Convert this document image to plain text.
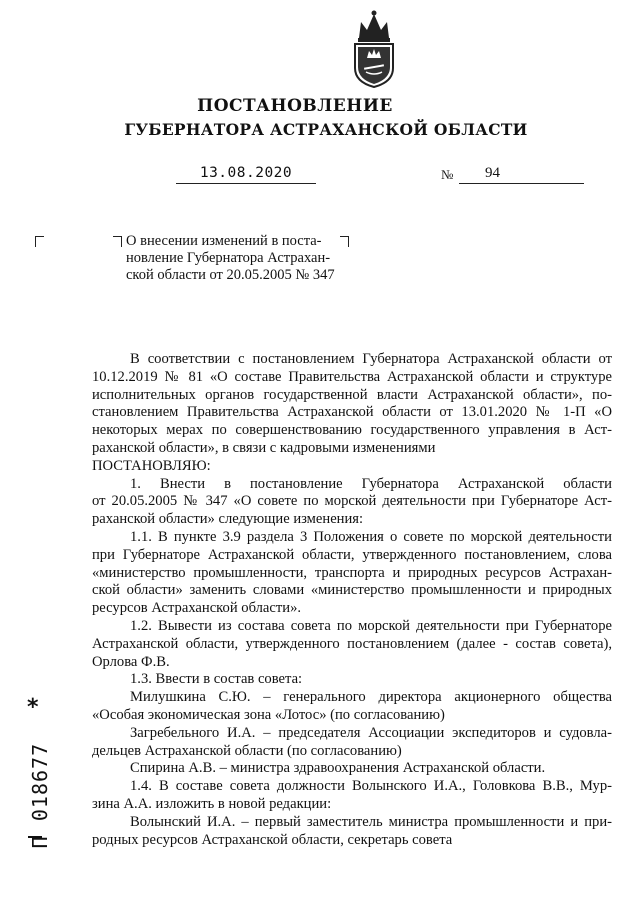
ПОСТАНОВЛЕНИЕ
ГУБЕРНАТОРА АСТРАХАНСКОЙ ОБЛАСТИ
13.08.2020	№ 94
О внесении изменений в поста-
новление Губернатора Астрахан-
ской области от 20.05.2005 № 347
В соответствии с постановлением Губернатора Астраханской области от
10.12.2019 № 81 «О составе Правительства Астраханской области и структуре
исполнительных органов государственной власти Астраханской области», по-
становлением Правительства Астраханской области от 13.01.2020 № 1-П «О
некоторых мерах по совершенствованию государственного управления в Аст-
раханской области», в связи с кадровыми изменениями
ПОСТАНОВЛЯЮ:
1. Внести в постановление Губернатора Астраханской области
от 20.05.2005 № 347 «О совете по морской деятельности при Губернаторе Аст-
раханской области» следующие изменения:
1.1. В пункте 3.9 раздела 3 Положения о совете по морской деятельности
при Губернаторе Астраханской области, утвержденного постановлением, слова
«министерство промышленности, транспорта и природных ресурсов Астрахан-
ской области» заменить словами «министерство промышленности и природных
ресурсов Астраханской области».
1.2. Вывести из состава совета по морской деятельности при Губернаторе
Астраханской области, утвержденного постановлением (далее - состав совета),
Орлова Ф.В.
1.3. Ввести в состав совета:
Милушкина С.Ю. – генерального директора акционерного общества
«Особая экономическая зона «Лотос» (по согласованию)
Загребельного И.А. – председателя Ассоциации экспедиторов и судовла-
дельцев Астраханской области (по согласованию)
Спирина А.В. – министра здравоохранения Астраханской области.
1.4. В составе совета должности Волынского И.А., Головкова В.В., Мур-
зина А.А. изложить в новой редакции:
Волынский И.А. – первый заместитель министра промышленности и при-
родных ресурсов Астраханской области, секретарь совета
*
018677
П
